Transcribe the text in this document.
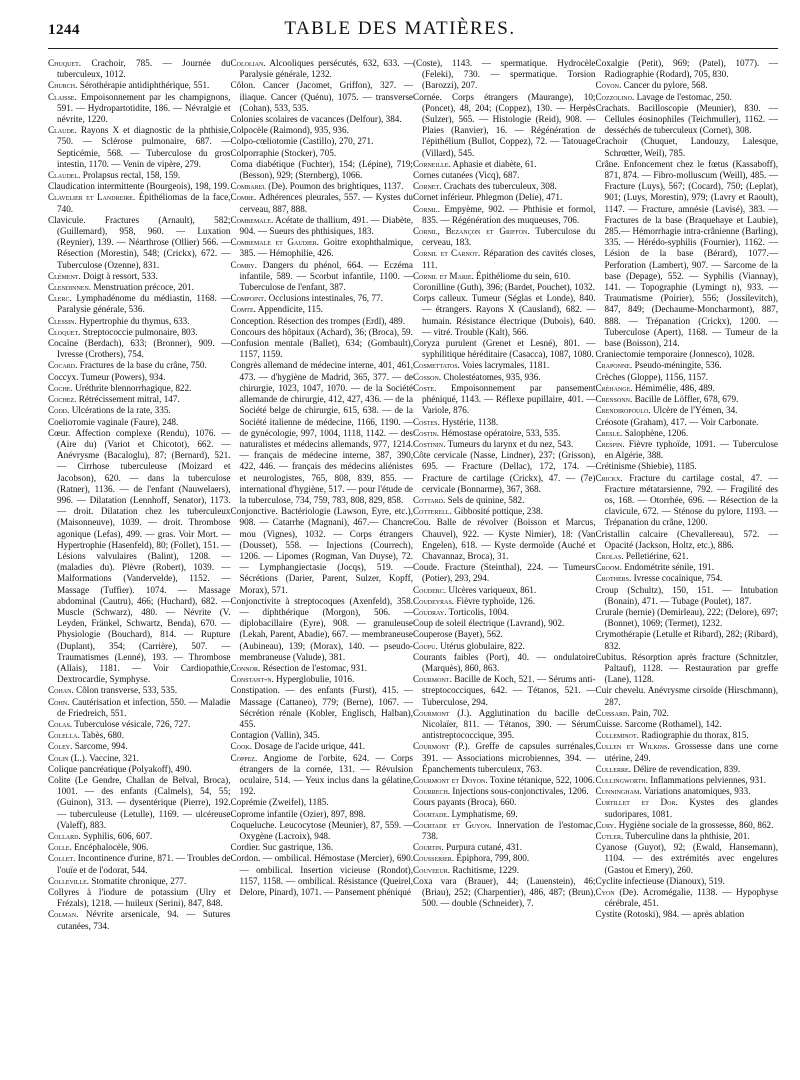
1244	TABLE DES MATIÈRES.

Chuquet. Crachoir, 785. — Journée du tuberculeux, 1012.

Church. Sérothérapie antidiphthérique, 551.

Claisse. Empoisonnement par les champignons, 591. — Hydropartotidite, 186. — Névralgie et névrite, 1220.

Claude. Rayons X et diagnostic de la phthisie, 750. — Sclérose pulmonaire, 687. — Septicémie, 568. — Tuberculose du gros intestin, 1170. — Venin de vipère, 279.

Claudel. Prolapsus rectal, 158, 159.

Claudication intermittente (Bourgeois), 198, 199.

Clavelier et Landreire. Épithéliomas de la face, 740.

Clavicule. Fractures (Arnault), 582; (Guillemard), 958, 960. — Luxation (Reynier), 139. — Néarthrose (Ollier) 566. — Résection (Morestin), 548; (Crickx), 672. — Tuberculose (Ozenne), 831.

Clément. Doigt à ressort, 533.

Clendinnen. Menstruation précoce, 201.

Clerc. Lymphadénome du médiastin, 1168. — Paralysie générale, 536.

Clessin. Hypertrophie du thymus, 633.

Cloquet. Streptococcie pulmonaire, 803.

Cocaïne (Berdach), 633; (Bronner), 909. — Ivresse (Crothers), 754.

Cocard. Fractures de la base du crâne, 750.

Coccyx. Tumeur (Powers), 934.

Coche. Uréthrite blennorrhagique, 822.

Cochez. Rétrécissement mitral, 147.

Codd. Ulcérations de la rate, 335.

Coelioтomie vaginale (Faure), 248.

Cœur. Affection complexe (Rendu), 1076. — (Aire du) (Variot et Chicotot), 662. — Anévrysme (Bacaloglu), 87; (Bernard), 521. — Cirrhose tuberculeuse (Moizard et Jacobson), 620. — dans la tuberculose (Ratner), 1136. — de l'enfant (Nauwelaers), 996. — Dilatation (Lennhoff, Senator), 1173. — droit. Dilatation chez les tuberculeux (Maisonneuve), 1039. — droit. Thrombose agonique (Lefas), 499. — gras. Voir Mort. — Hypertrophie (Hasenfeld), 80; (Follet), 151. — Lésions valvulaires (Balint), 1208. — (maladies du). Plèvre (Robert), 1039. — Malformations (Vandervelde), 1152. — Massage (Tuffier). 1074. — Massage abdominal (Cautru), 466; (Huchard), 682. — Muscle (Schwarz), 480. — Névrite (V. Leyden, Fränkel, Schwartz, Benda), 670. — Physiologie (Bouchard), 814. — Rupture (Duplant), 354; (Carrière), 507. — Traumatismes (Lenné), 193. — Thrombose (Allais), 1181. — Voir Cardiopathie, Dextrocardie, Symphyse.

Cohan. Côlon transverse, 533, 535.

Cohn. Cautérisation et infection, 550. — Maladie de Friedreich, 551.

Colas. Tuberculose vésicale, 726, 727.

Colella. Tabès, 680.

Coley. Sarcome, 994.

Colin (L.). Vaccine, 321.

Colique pancréatique (Polyakoff), 490.

Colite (Le Gendre, Challan de Belval, Broca), 1001. — des enfants (Calmels), 54, 55; (Guinon), 313. — dysentérique (Pierre), 192. — tuberculeuse (Letulle), 1169. — ulcéreuse (Valeff), 883.

Collard. Syphilis, 606, 607.

Colle. Encéphalocèle, 906.

Collet. Incontinence d'urine, 871. — Troubles de l'ouïe et de l'odorat, 544.

Colleville. Stomatite chronique, 277.

Collyres à l'iodure de potassium (Ulry et Frézals), 1218. — huileux (Serini), 847, 848.

Colman. Névrite arsenicale, 94. — Sutures cutanées, 734.

Cololian. Alcooliques persécutés, 632, 633. — Paralysie générale, 1232.

Côlon. Cancer (Jacomet, Griffon), 327. — iliaque. Cancer (Quénu), 1075. — transverse (Cohan), 533, 535.

Colonies scolaires de vacances (Delfour), 384.

Colpocèle (Raimond), 935, 936.

Colpo-cœliotomie (Castillo), 270, 271.

Colporraphie (Stocker), 705.

Coma diabétique (Fuchter), 154; (Lépine), 719; (Besson), 929; (Sternberg), 1066.

Combarel (De). Poumon des brightiques, 1137.

Combe. Adhérences pleurales, 557. — Kystes du cerveau, 887, 888.

Combemale. Acétate de thallium, 491. — Diabète, 904. — Sueurs des phthisiques, 183.

Combemale et Gaudier. Goitre exophthalmique, 385. — Hémophilie, 426.

Comby. Dangers du phénol, 664. — Eczéma infantile, 589. — Scorbut infantile, 1100. — Tuberculose de l'enfant, 387.

Compoint. Occlusions intestinales, 76, 77.

Comte. Appendicite, 115.

Conception. Résection des trompes (Erdl), 489.

Concours des hôpitaux (Achard), 36; (Broca), 59.

Confusion mentale (Ballet), 634; (Gombault), 1157, 1159.

Congrès allemand de médecine interne, 401, 461, 473. — d'hygiène de Madrid, 365, 377. — de chirurgie, 1023, 1047, 1070. — de la Société allemande de chirurgie, 412, 427, 436. — de la Société belge de chirurgie, 615, 638. — de la Société italienne de médecine, 1166, 1190. — de gynécologie, 997, 1004, 1118, 1142. — des naturalistes et médecins allemands, 977, 1214. — français de médecine interne, 387, 390, 422, 446. — français des médecins aliénistes et neurologistes, 765, 808, 839, 855. — international d'hygiène, 517. — pour l'étude de la tuberculose, 734, 759, 783, 808, 829, 858.

Conjonctive. Bactériologie (Lawson, Eyre, etc.), 908. — Catarrhe (Magnani), 467.— Chancre mou (Vignes), 1032. — Corps étrangers (Dousset), 558. — Injections (Courrech), 1206. — Lipomes (Rogman, Van Duyse), 72. — Lymphangiectasie (Jocqs), 519. — Sécrétions (Darier, Parent, Sulzer, Kopff, Morax), 571.

Conjonctivite à streptocoques (Axenfeld), 358. — diphthérique (Morgon), 506. — diplobacillaire (Eyre), 908. — granuleuse (Lekah, Parent, Abadie), 667. — membraneuse (Aubineau), 139; (Morax), 140. — pseudo-membraneuse (Valude), 381.

Connor. Résection de l'estomac, 931.

Constant-n. Hyperglobulie, 1016.

Constipation. — des enfants (Furst), 415. — Massage (Cattaneo), 779; (Berne), 1067. — Sécrétion rénale (Kobler, Englisch, Halban), 455.

Contagion (Vallin), 345.

Cook. Dosage de l'acide urique, 441.

Coppez. Angiome de l'orbite, 624. — Corps étrangers de la cornée, 131. — Révulsion oculaire, 514. — Yeux inclus dans la gélatine, 192.

Coprémie (Zweifel), 1185.

Coprome infantile (Ozier), 897, 898.

Coqueluche. Leucocytose (Meunier), 87, 559. — Oxygène (Lacroix), 948.

Cordier. Suc gastrique, 136.

Cordon. — ombilical. Hémostase (Mercier), 690. — ombilical. Insertion vicieuse (Rondot), 1157, 1158. — ombilical. Résistance (Queirel, Delore, Pinard), 1071. — Pansement phéniqué

(Coste), 1143. — spermatique. Hydrocèle (Feleki), 730. — spermatique. Torsion (Barozzi), 207.

Cornée. Corps étrangers (Maurange), 10; (Poncet), 48, 204; (Coppez), 130. — Herpès (Sulzer), 565. — Histologie (Reid), 908. — Plaies (Ranvier), 16. — Régénération de l'épithélium (Bullot, Coppez), 72. — Tatouage (Villard), 545.

Corneille. Aphasie et diabète, 61.

Cornes cutanées (Vicq), 687.

Cornet. Crachats des tuberculeux, 308.

Cornet inférieur. Phlegmon (Delie), 471.

Cornil. Empyème, 902. — Phthisie et formol, 835. — Régénération des muqueuses, 706.

Cornil, Bezançon et Griffon. Tuberculose du cerveau, 183.

Cornil et Carnot. Réparation des cavités closes, 111.

Cornil et Marie. Épithéliome du sein, 610.

Coronilline (Guth), 396; (Bardet, Pouchet), 1032.

Corps calleux. Tumeur (Séglas et Londe), 840. — étrangers. Rayons X (Causland), 682. — humain. Résistance électrique (Dubois), 640. — vitré. Trouble (Kalt), 566.

Coryza purulent (Grenet et Lesné), 801. — syphilitique héréditaire (Casacca), 1087, 1080.

Cosmettatos. Voies lacrymales, 1181.

Cosson. Cholestéatomes, 935, 936.

Coste. Empoisonnement par pansement phéniqué, 1143. — Réflexe pupillaire, 401. — Variole, 876.

Costes. Hystérie, 1138.

Costin. Hémostase opératoire, 533, 535.

Costinin. Tumeurs du larynx et du nez, 543.

Côte cervicale (Nasse, Lindner), 237; (Grisson), 695. — Fracture (Dellac), 172, 174. — Fracture de cartilage (Crickx), 47. — (7e) cervicale (Bonnarme), 367, 368.

Cottard. Sels de quinine, 582.

Cotterell. Gibbosité pottique, 238.

Cou. Balle de révolver (Boisson et Marcus, Chauvel), 922. — Kyste Nimier), 18: (Van Engelen), 618. — Kyste dermoïde (Auché et Chavannaz, Broca), 31.

Coude. Fracture (Steinthal), 224. — Tumeurs (Potier), 293, 294.

Couderc. Ulcères variqueux, 861.

Coudeyras. Fièvre typhoïde, 126.

Coudray. Torticolis, 1004.

Coup de soleil électrique (Lavrand), 902.

Couperose (Bayet), 562.

Coupu. Utérus globulaire, 822.

Courants faibles (Port), 40. — ondulatoire (Marquès), 860, 863.

Courmont. Bacille de Koch, 521. — Sérums anti-streptococciques, 642. — Tétanos, 521. — Tuberculose, 294.

Courmont (J.). Agglutination du bacille de Nicolaïer, 811. — Tétanos, 390. — Sérum antistreptococcique, 395.

Courmont (P.). Greffe de capsules surrénales, 391. — Associations microbiennes, 394. — Épanchements tuberculeux, 763.

Courmont et Doyon. Toxine tétanique, 522, 1006.

Courrech. Injections sous-conjonctivales, 1206.

Cours payants (Broca), 660.

Courtade. Lymphatisme, 69.

Courtade et Guyon. Innervation de l'estomac, 738.

Courtin. Purpura cutané, 431.

Cousserier. Épiphora, 799, 800.

Couveeur. Rachitisme, 1229.

Coxa vara (Brauer), 44; (Lauenstein), 46; (Briau), 252; (Charpentier), 486, 487; (Brun), 500. — double (Schneider), 7.

Coxalgie (Petit), 969; (Patel), 1077). — Radiographie (Rodard), 705, 830.

Coyon. Cancer du pylore, 568.

Cozzolino. Lavage de l'estomac, 250.

Crachats. Bacilloscopie (Meunier), 830. — Cellules éosinophiles (Teichmuller), 1162. — desséchés de tuberculeux (Cornet), 308.

Crachoir (Chuquet, Landouzy, Lalesque, Schrœtter, Weil), 785.

Crâne. Enfoncement chez le fœtus (Kassaboff), 871, 874. — Fibro-molluscum (Weill), 485. — Fracture (Luys), 567; (Cocard), 750; (Leplat), 901; (Luys, Morestin), 979; (Lavry et Raoult), 1147. — Fracture, amnésie (Lavisé), 383. — Fractures de la base (Braquehaye et Laubie), 285.— Hémorrhagie intra-crânienne (Barling), 335. — Hérédo-syphilis (Fournier), 1162. — Lésion de la base (Bérard), 1077.— Perforation (Lambert), 907. — Sarcome de la base (Depage), 552. — Syphilis (Viannay), 141. — Topographie (Lymingt n), 933. — Traumatisme (Poirier), 556; (Jossilevitch), 847, 849; (Dechaume-Moncharmont), 887, 888. — Trépanation (Crickx), 1200. — Tuberculose (Apert), 1168. — Tumeur de la base (Boisson), 214.

Craniectomie temporaire (Jonnesco), 1028.

Craponne. Pseudo-méningite, 536.

Crèches (Gloppe), 1156, 1157.

Créhange. Hémimélie, 486, 489.

Crensonn. Bacille de Löffler, 678, 679.

Crendiropoulo. Ulcère de l'Yémen, 34.

Créosote (Graham), 417. — Voir Carbonate.

Cresle. Salophène, 1206.

Crespin. Fièvre typhoïde, 1091. — Tuberculose en Algérie, 388.

Crétinisme (Shiebie), 1185.

Crickx. Fracture du cartilage costal, 47. — Fracture métatarsienne, 792. — Fragilité des os, 168. — Otorrhée, 696. — Résection de la clavicule, 672. — Sténose du pylore, 1193. — Trépanation du crâne, 1200.

Cristallin calcaire (Chevallereau), 572. — Opacité (Jackson, Holtz, etc.), 886.

Crolas. Pelletiérine, 621.

Croom. Endométrite sénile, 191.

Crothers. Ivresse cocaïnique, 754.

Croup (Schultz), 150, 151. — Intubation (Bonain), 471. — Tubage (Poulet), 187.

Crurale (hernie) (Demirleau), 222; (Delore), 697; (Bonnet), 1069; (Termet), 1232.

Crymothérapie (Letulle et Ribard), 282; (Ribard), 832.

Cubitus. Résorption après fracture (Schnitzler, Paltauf), 1128. — Restauration par greffe (Lane), 1128.

Cuir chevelu. Anévrysme cirsoïde (Hirschmann), 287.

Cuissard. Pain, 702.

Cuisse. Sarcome (Rothamel), 142.

Culleminot. Radiographie du thorax, 815.

Cullen et Wilkins. Grossesse dans une corne utérine, 249.

Cullerre. Délire de revendication, 839.

Cullingworth. Inflammations pelviennes, 931.

Cunningham. Variations anatomiques, 933.

Curtillet et Dor. Kystes des glandes sudoripares, 1081.

Cury. Hygiène sociale de la grossesse, 860, 862.

Cutler. Tuberculine dans la phthisie, 201.

Cyanose (Guyot), 92; (Ewald, Hansemann), 1104. — des extrémités avec engelures (Gastou et Emery), 260.

Cyclite infectieuse (Dianoux), 519.

Cyon (De). Acromégalie, 1138. — Hypophyse cérébrale, 451.

Cystite (Rotoski), 984. — après ablation
